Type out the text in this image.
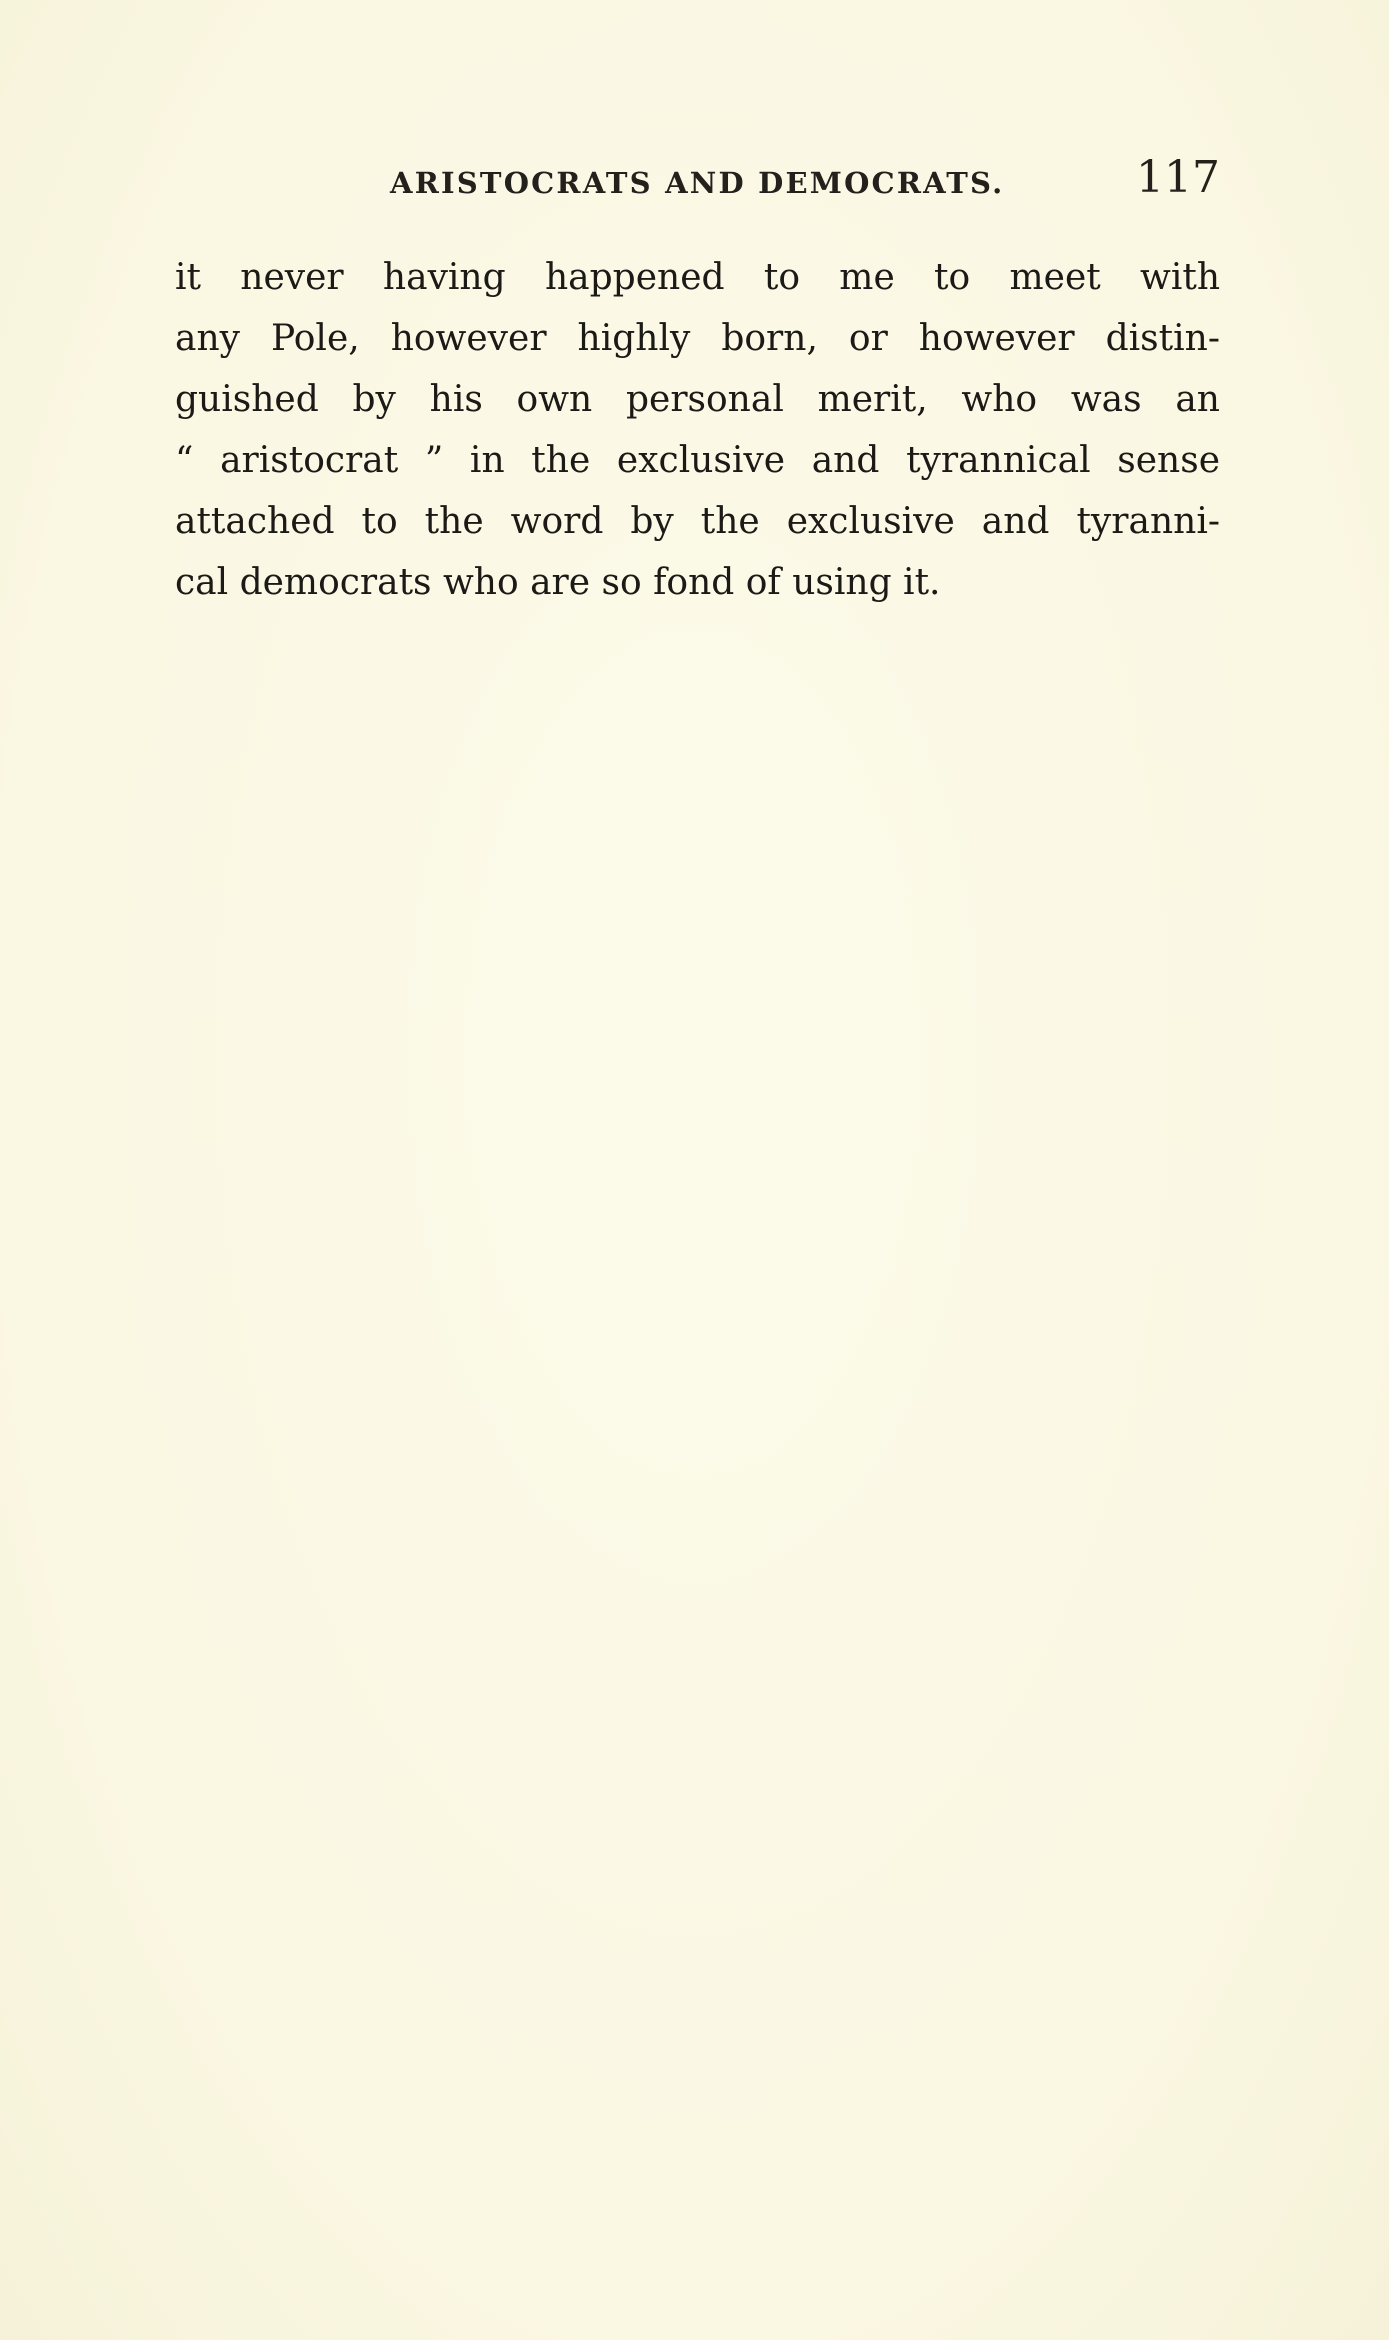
ARISTOCRATS AND DEMOCRATS.	117
it never having happened to me to meet with
any Pole, however highly born, or however distin-
guished by his own personal merit, who was an
“ aristocrat ” in the exclusive and tyrannical sense
attached to the word by the exclusive and tyranni-
cal democrats who are so fond of using it.
